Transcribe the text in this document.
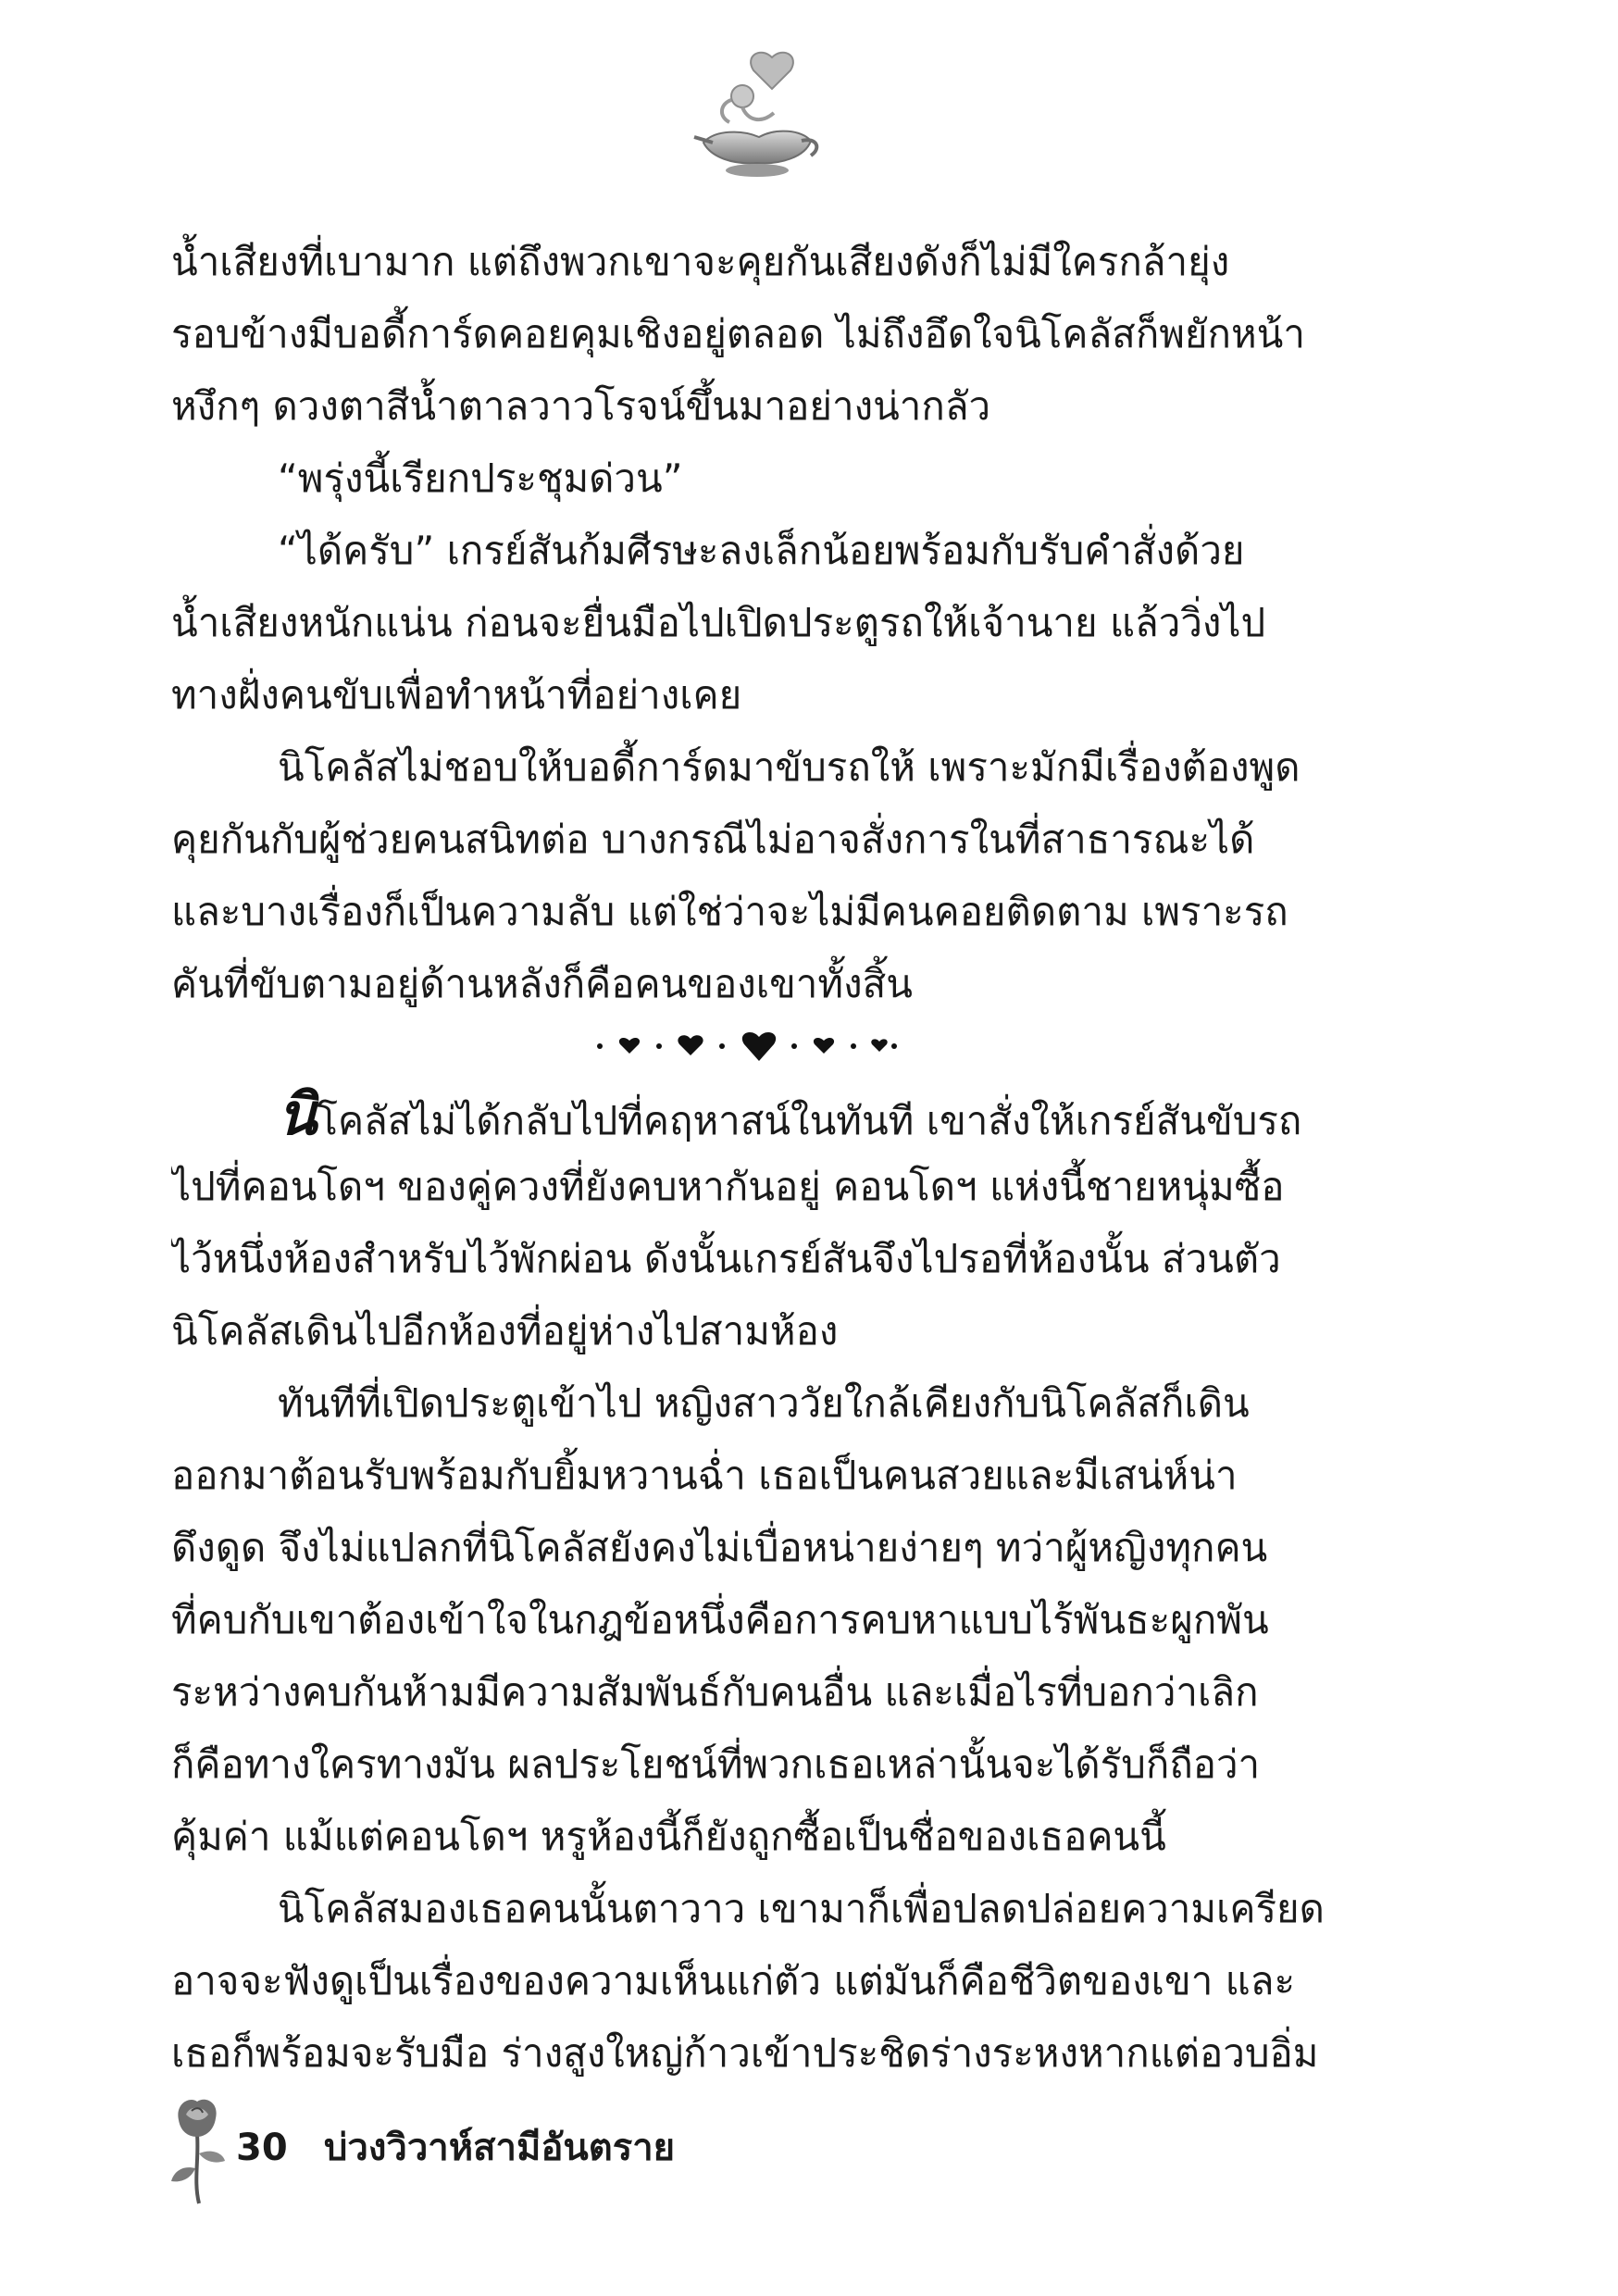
น้ำเสียงที่เบามาก แต่ถึงพวกเขาจะคุยกันเสียงดังก็ไม่มีใครกล้ายุ่ง
รอบข้างมีบอดี้การ์ดคอยคุมเชิงอยู่ตลอด ไม่ถึงอึดใจนิโคลัสก็พยักหน้า
หงึกๆ ดวงตาสีน้ำตาลวาวโรจน์ขึ้นมาอย่างน่ากลัว
“พรุ่งนี้เรียกประชุมด่วน”
“ได้ครับ” เกรย์สันก้มศีรษะลงเล็กน้อยพร้อมกับรับคำสั่งด้วย
น้ำเสียงหนักแน่น ก่อนจะยื่นมือไปเปิดประตูรถให้เจ้านาย แล้ววิ่งไป
ทางฝั่งคนขับเพื่อทำหน้าที่อย่างเคย
นิโคลัสไม่ชอบให้บอดี้การ์ดมาขับรถให้ เพราะมักมีเรื่องต้องพูด
คุยกันกับผู้ช่วยคนสนิทต่อ บางกรณีไม่อาจสั่งการในที่สาธารณะได้
และบางเรื่องก็เป็นความลับ แต่ใช่ว่าจะไม่มีคนคอยติดตาม เพราะรถ
คันที่ขับตามอยู่ด้านหลังก็คือคนของเขาทั้งสิ้น
นิโคลัสไม่ได้กลับไปที่คฤหาสน์ในทันที เขาสั่งให้เกรย์สันขับรถ
ไปที่คอนโดฯ ของคู่ควงที่ยังคบหากันอยู่ คอนโดฯ แห่งนี้ชายหนุ่มซื้อ
ไว้หนึ่งห้องสำหรับไว้พักผ่อน ดังนั้นเกรย์สันจึงไปรอที่ห้องนั้น ส่วนตัว
นิโคลัสเดินไปอีกห้องที่อยู่ห่างไปสามห้อง
ทันทีที่เปิดประตูเข้าไป หญิงสาววัยใกล้เคียงกับนิโคลัสก็เดิน
ออกมาต้อนรับพร้อมกับยิ้มหวานฉ่ำ เธอเป็นคนสวยและมีเสน่ห์น่า
ดึงดูด จึงไม่แปลกที่นิโคลัสยังคงไม่เบื่อหน่ายง่ายๆ ทว่าผู้หญิงทุกคน
ที่คบกับเขาต้องเข้าใจในกฎข้อหนึ่งคือการคบหาแบบไร้พันธะผูกพัน
ระหว่างคบกันห้ามมีความสัมพันธ์กับคนอื่น และเมื่อไรที่บอกว่าเลิก
ก็คือทางใครทางมัน ผลประโยชน์ที่พวกเธอเหล่านั้นจะได้รับก็ถือว่า
คุ้มค่า แม้แต่คอนโดฯ หรูห้องนี้ก็ยังถูกซื้อเป็นชื่อของเธอคนนี้
นิโคลัสมองเธอคนนั้นตาวาว เขามาก็เพื่อปลดปล่อยความเครียด
อาจจะฟังดูเป็นเรื่องของความเห็นแก่ตัว แต่มันก็คือชีวิตของเขา และ
เธอก็พร้อมจะรับมือ ร่างสูงใหญ่ก้าวเข้าประชิดร่างระหงหากแต่อวบอิ่ม
30 บ่วงวิวาห์สามีอันตราย
